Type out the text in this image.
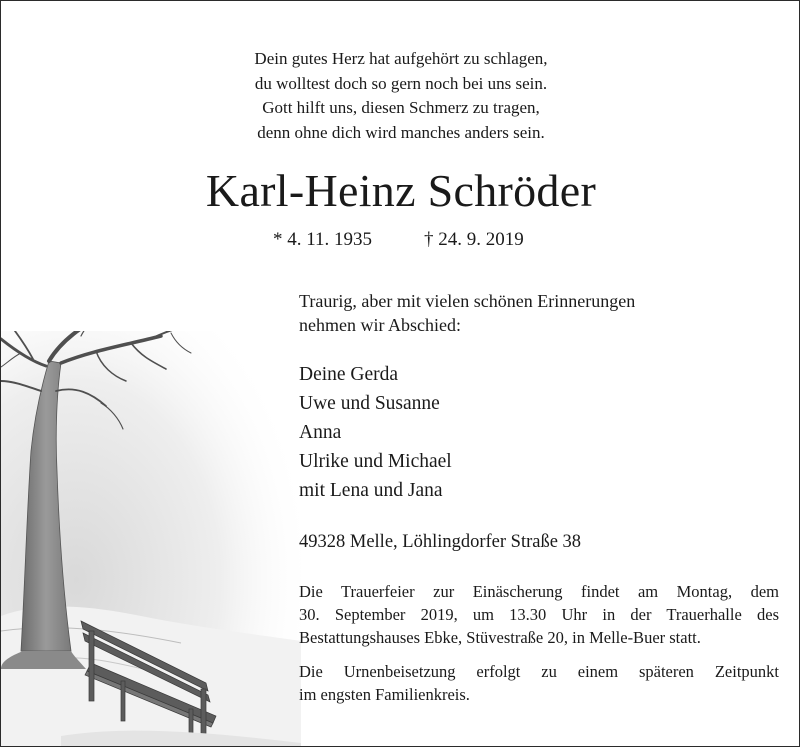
Dein gutes Herz hat aufgehört zu schlagen,
du wolltest doch so gern noch bei uns sein.
Gott hilft uns, diesen Schmerz zu tragen,
denn ohne dich wird manches anders sein.
Karl-Heinz Schröder
* 4. 11. 1935	† 24. 9. 2019
Traurig, aber mit vielen schönen Erinnerungen
nehmen wir Abschied:
Deine Gerda
Uwe und Susanne
Anna
Ulrike und Michael
mit Lena und Jana
49328 Melle, Löhlingdorfer Straße 38
Die Trauerfeier zur Einäscherung findet am Montag, dem
30. September 2019, um 13.30 Uhr in der Trauerhalle des
Bestattungshauses Ebke, Stüvestraße 20, in Melle-Buer statt.
Die Urnenbeisetzung erfolgt zu einem späteren Zeitpunkt
im engsten Familienkreis.
